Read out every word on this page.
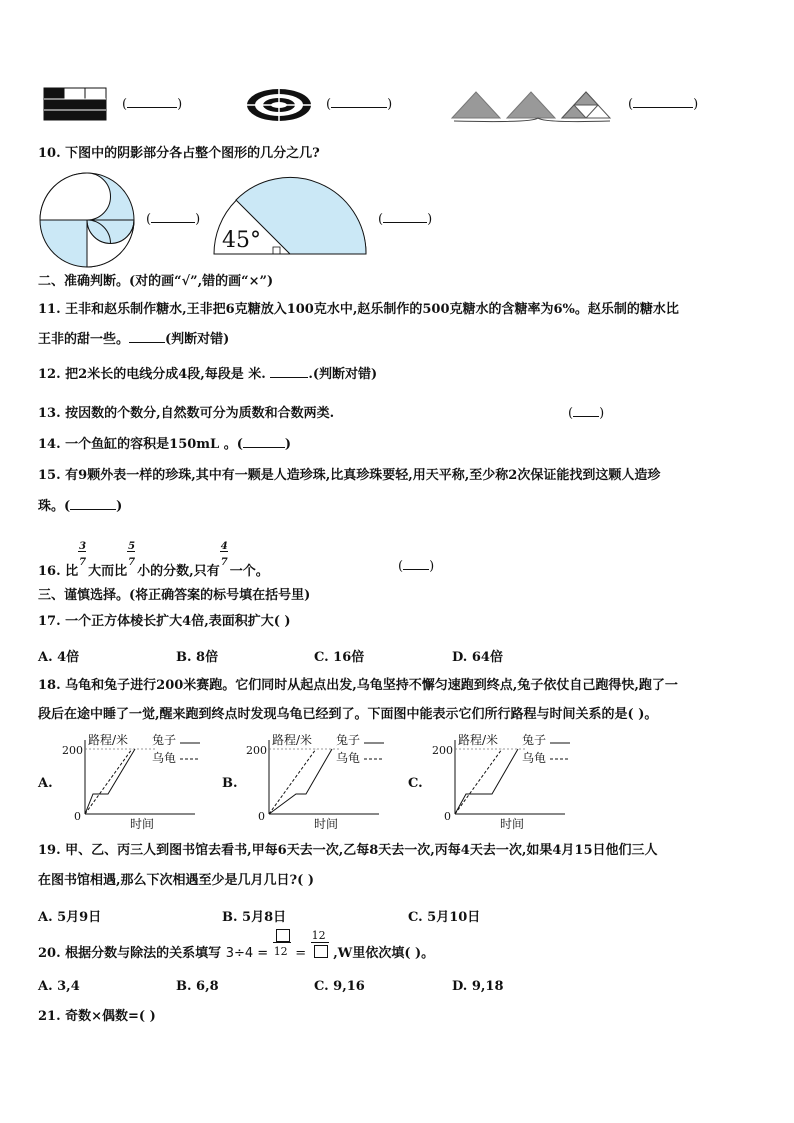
(	)	(	)	(	)
10. 下图中的阴影部分各占整个图形的几分之几?
(	)
45°
(	)
二、准确判断。(对的画“√”,错的画“×”)
11. 王非和赵乐制作糖水,王非把6克糖放入100克水中,赵乐制作的500克糖水的含糖率为6%。赵乐制的糖水比
王非的甜一些。	(判断对错)
12. 把2米长的电线分成4段,每段是 米.	.(判断对错)
13. 按因数的个数分,自然数可分为质数和合数两类.	( )
14. 一个鱼缸的容积是150mL 。(	)
15. 有9颗外表一样的珍珠,其中有一颗是人造珍珠,比真珍珠要轻,用天平称,至少称2次保证能找到这颗人造珍
珠。(	)
16. 比 $\frac{3}{7}$ 大而比 $\frac{5}{7}$ 小的分数,只有 $\frac{4}{7}$ 一个。	( )
三、谨慎选择。(将正确答案的标号填在括号里)
17. 一个正方体棱长扩大4倍,表面积扩大( )
A. 4倍	B. 8倍	C. 16倍	D. 64倍
18. 乌龟和兔子进行200米赛跑。它们同时从起点出发,乌龟坚持不懈匀速跑到终点,兔子依仗自己跑得快,跑了一
段后在途中睡了一觉,醒来跑到终点时发现乌龟已经到了。下面图中能表示它们所行路程与时间关系的是( )。
A.
路程/米
200
0
时间
兔子
乌龟
B.
路程/米
200
0
时间
兔子
乌龟
C.
路程/米
200
0
时间
兔子
乌龟
19. 甲、乙、丙三人到图书馆去看书,甲每6天去一次,乙每8天去一次,丙每4天去一次,如果4月15日他们三人
在图书馆相遇,那么下次相遇至少是几月几日?( )
A. 5月9日	B. 5月8日	C. 5月10日
20. 根据分数与除法的关系填写 3÷4 = 12 =
12
,W里依次填( )。
A. 3,4	B. 6,8	C. 9,16	D. 9,18
21. 奇数×偶数=( )
